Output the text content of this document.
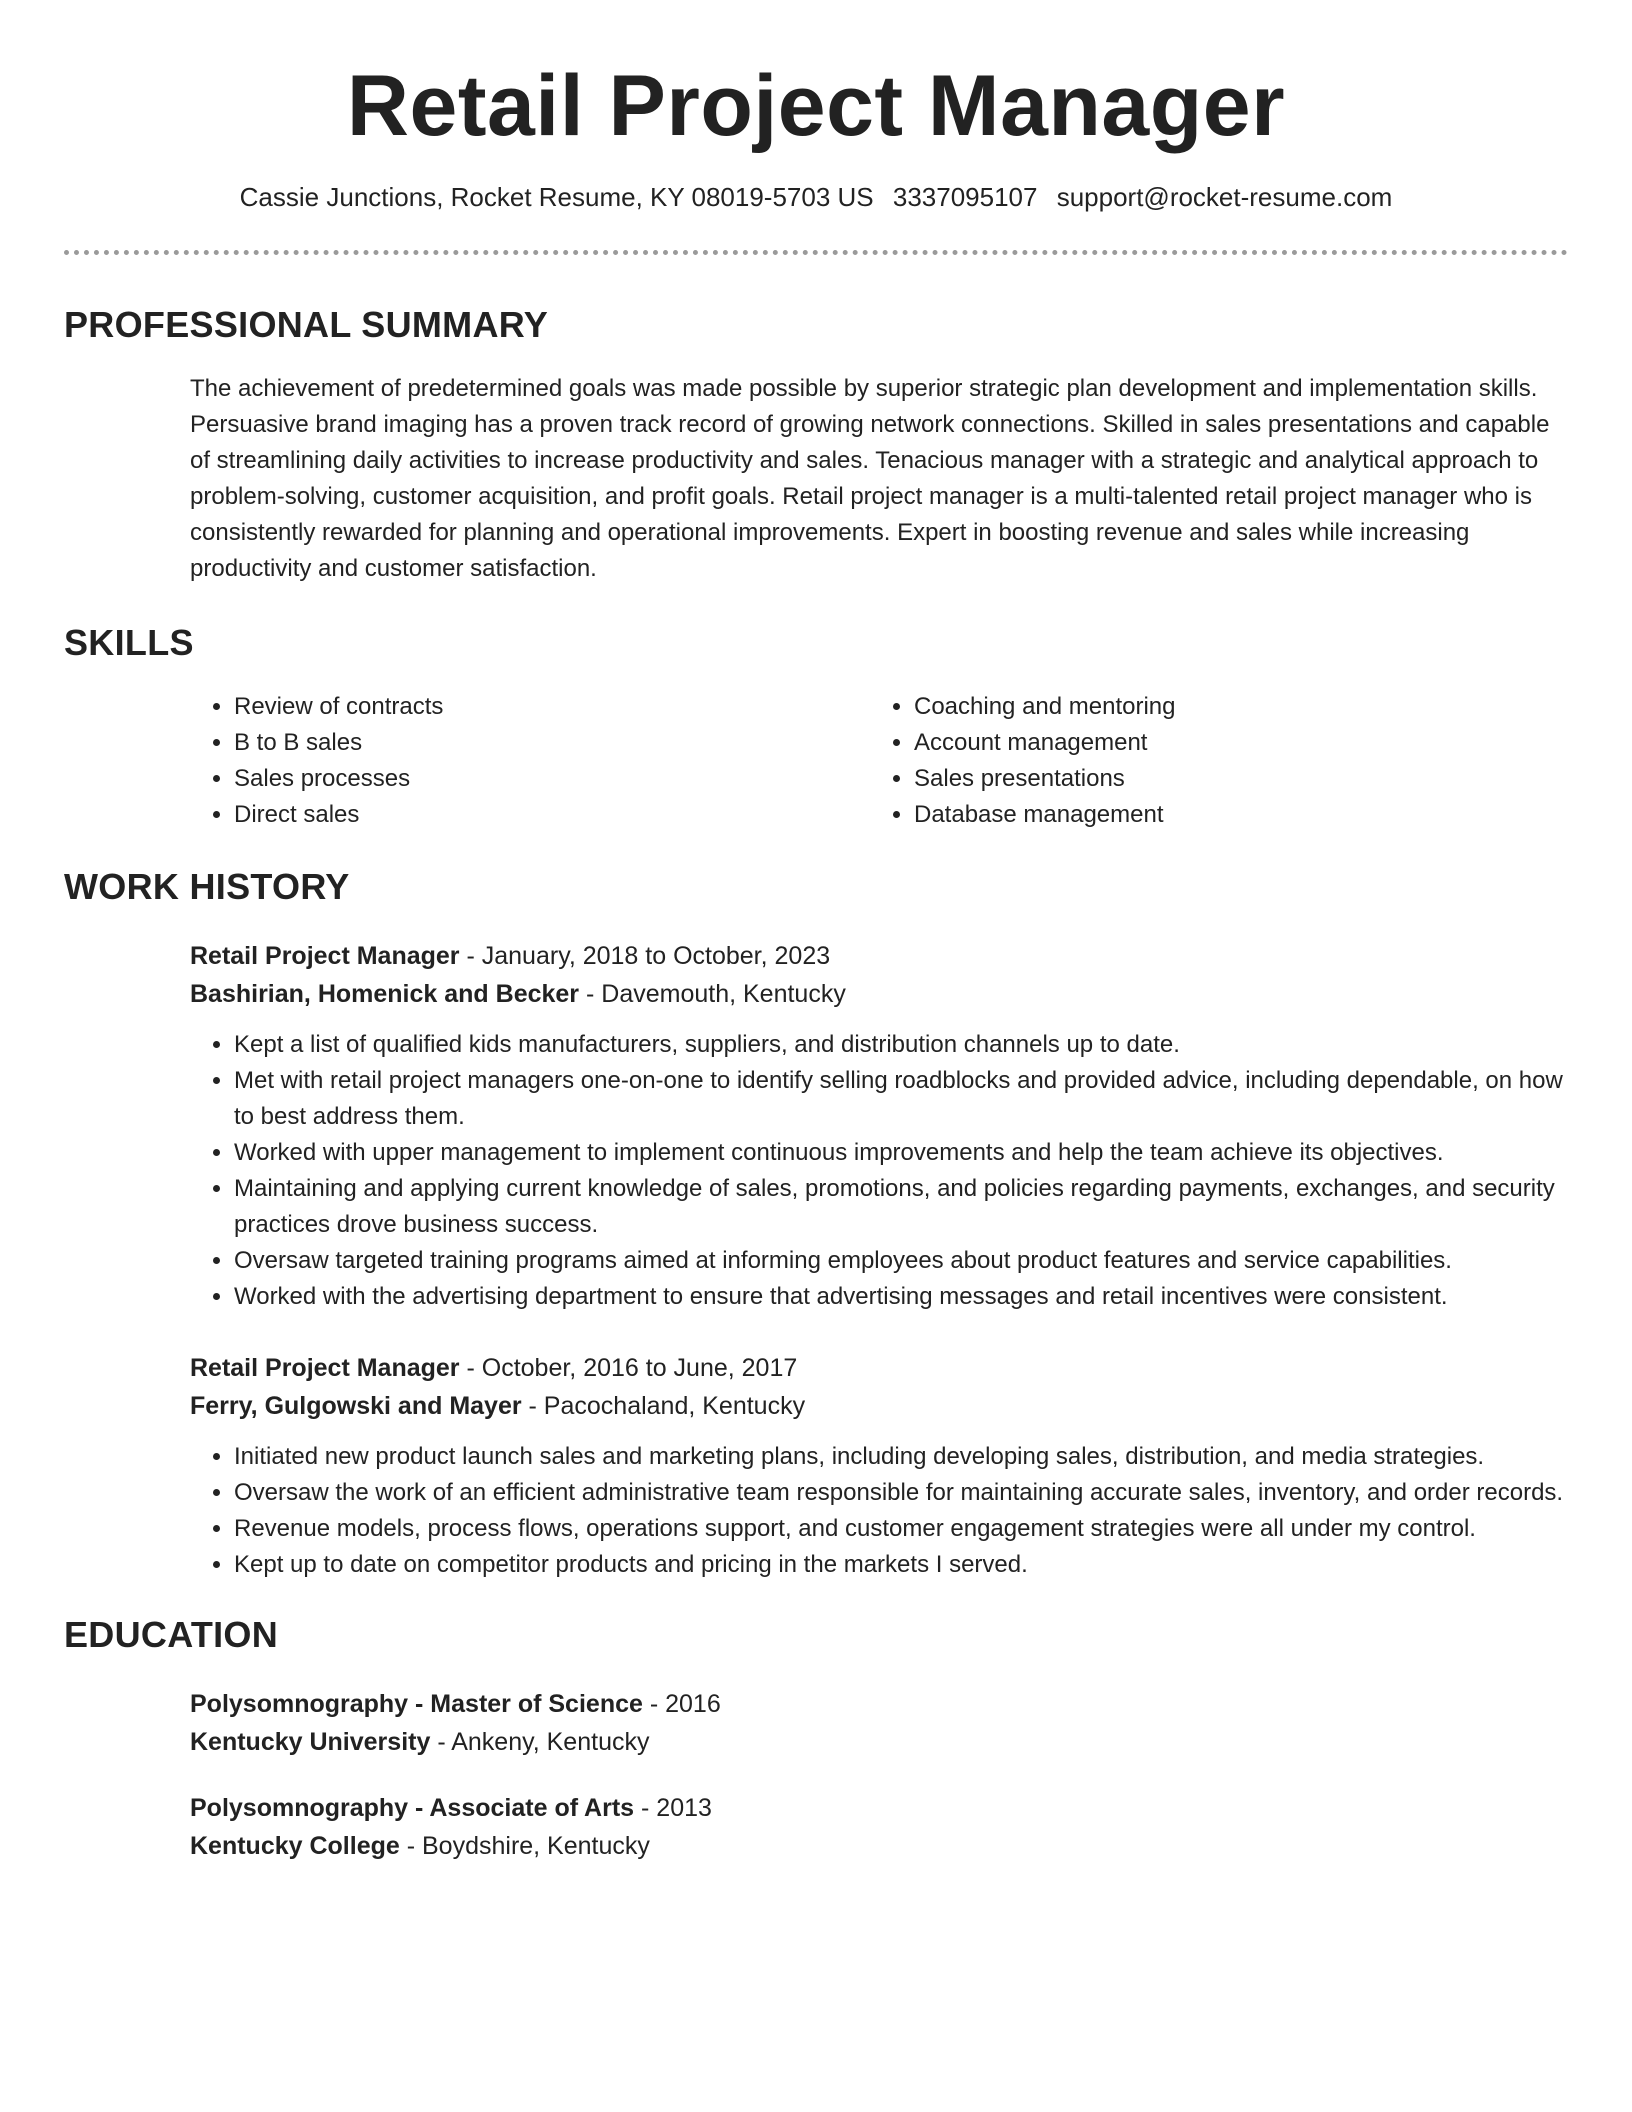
Retail Project Manager
Cassie Junctions, Rocket Resume, KY 08019-5703 US 3337095107 support@rocket-resume.com
PROFESSIONAL SUMMARY

The achievement of predetermined goals was made possible by superior strategic plan development and implementation skills. Persuasive brand imaging has a proven track record of growing network connections. Skilled in sales presentations and capable of streamlining daily activities to increase productivity and sales. Tenacious manager with a strategic and analytical approach to problem-solving, customer acquisition, and profit goals. Retail project manager is a multi-talented retail project manager who is consistently rewarded for planning and operational improvements. Expert in boosting revenue and sales while increasing productivity and customer satisfaction.

SKILLS
• Review of contracts
• B to B sales
• Sales processes
• Direct sales
• Coaching and mentoring
• Account management
• Sales presentations
• Database management
WORK HISTORY
Retail Project Manager - January, 2018 to October, 2023
Bashirian, Homenick and Becker - Davemouth, Kentucky
• Kept a list of qualified kids manufacturers, suppliers, and distribution channels up to date.
• Met with retail project managers one-on-one to identify selling roadblocks and provided advice, including dependable, on how to best address them.
• Worked with upper management to implement continuous improvements and help the team achieve its objectives.
• Maintaining and applying current knowledge of sales, promotions, and policies regarding payments, exchanges, and security practices drove business success.
• Oversaw targeted training programs aimed at informing employees about product features and service capabilities.
• Worked with the advertising department to ensure that advertising messages and retail incentives were consistent.
Retail Project Manager - October, 2016 to June, 2017
Ferry, Gulgowski and Mayer - Pacochaland, Kentucky
• Initiated new product launch sales and marketing plans, including developing sales, distribution, and media strategies.
• Oversaw the work of an efficient administrative team responsible for maintaining accurate sales, inventory, and order records.
• Revenue models, process flows, operations support, and customer engagement strategies were all under my control.
• Kept up to date on competitor products and pricing in the markets I served.
EDUCATION
Polysomnography - Master of Science - 2016
Kentucky University - Ankeny, Kentucky
Polysomnography - Associate of Arts - 2013
Kentucky College - Boydshire, Kentucky
